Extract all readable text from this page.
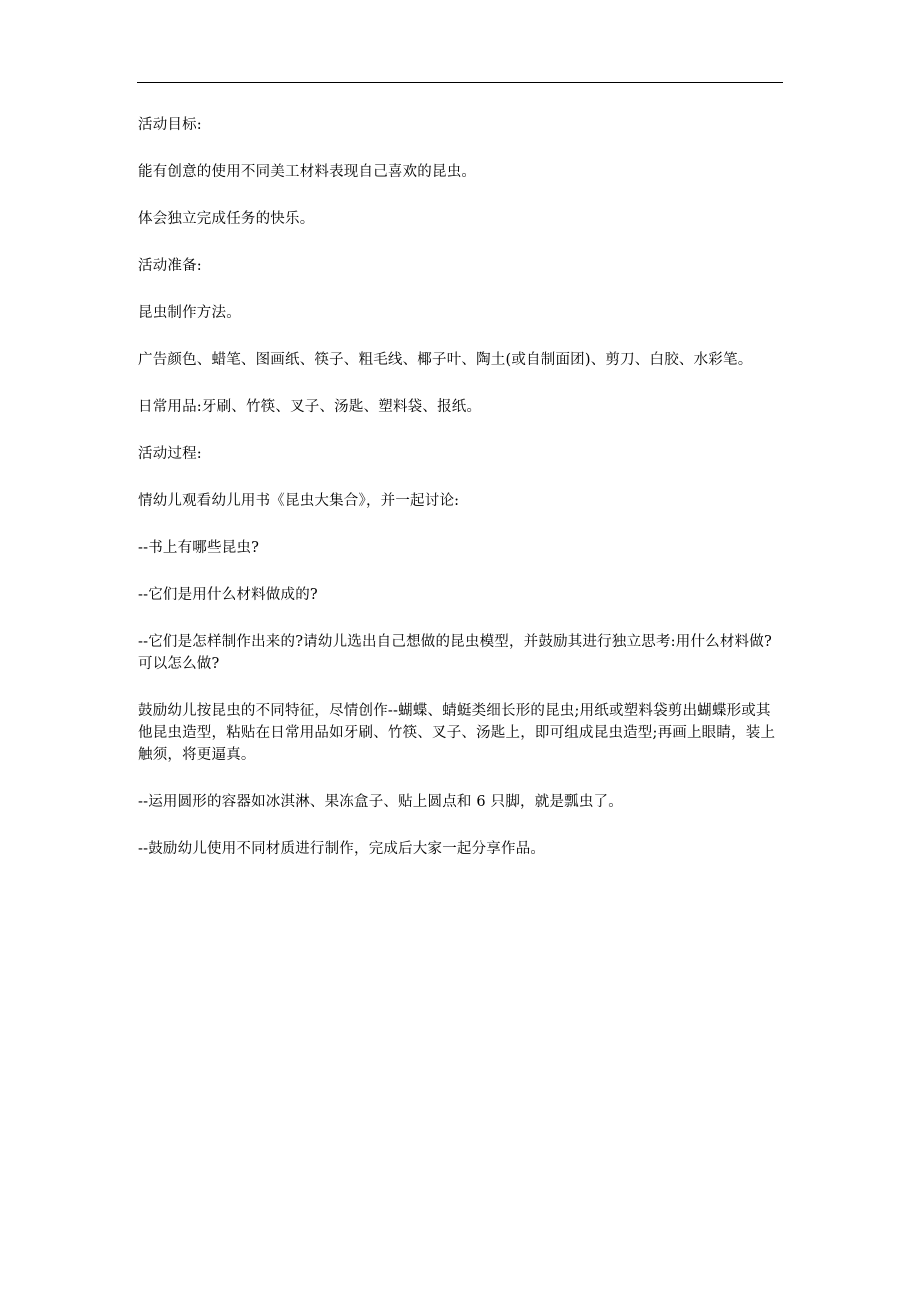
活动目标:

能有创意的使用不同美工材料表现自己喜欢的昆虫。

体会独立完成任务的快乐。

活动准备:

昆虫制作方法。

广告颜色、蜡笔、图画纸、筷子、粗毛线、椰子叶、陶土(或自制面团)、剪刀、白胶、水彩笔。

日常用品:牙刷、竹筷、叉子、汤匙、塑料袋、报纸。

活动过程:

情幼儿观看幼儿用书《昆虫大集合》，并一起讨论:

--书上有哪些昆虫?

--它们是用什么材料做成的?

--它们是怎样制作出来的?请幼儿选出自己想做的昆虫模型，并鼓励其进行独立思考:用什么材料做?可以怎么做?

鼓励幼儿按昆虫的不同特征，尽情创作--蝴蝶、蜻蜓类细长形的昆虫;用纸或塑料袋剪出蝴蝶形或其他昆虫造型，粘贴在日常用品如牙刷、竹筷、叉子、汤匙上，即可组成昆虫造型;再画上眼睛，装上触须，将更逼真。

--运用圆形的容器如冰淇淋、果冻盒子、贴上圆点和 6 只脚，就是瓢虫了。

--鼓励幼儿使用不同材质进行制作，完成后大家一起分享作品。
